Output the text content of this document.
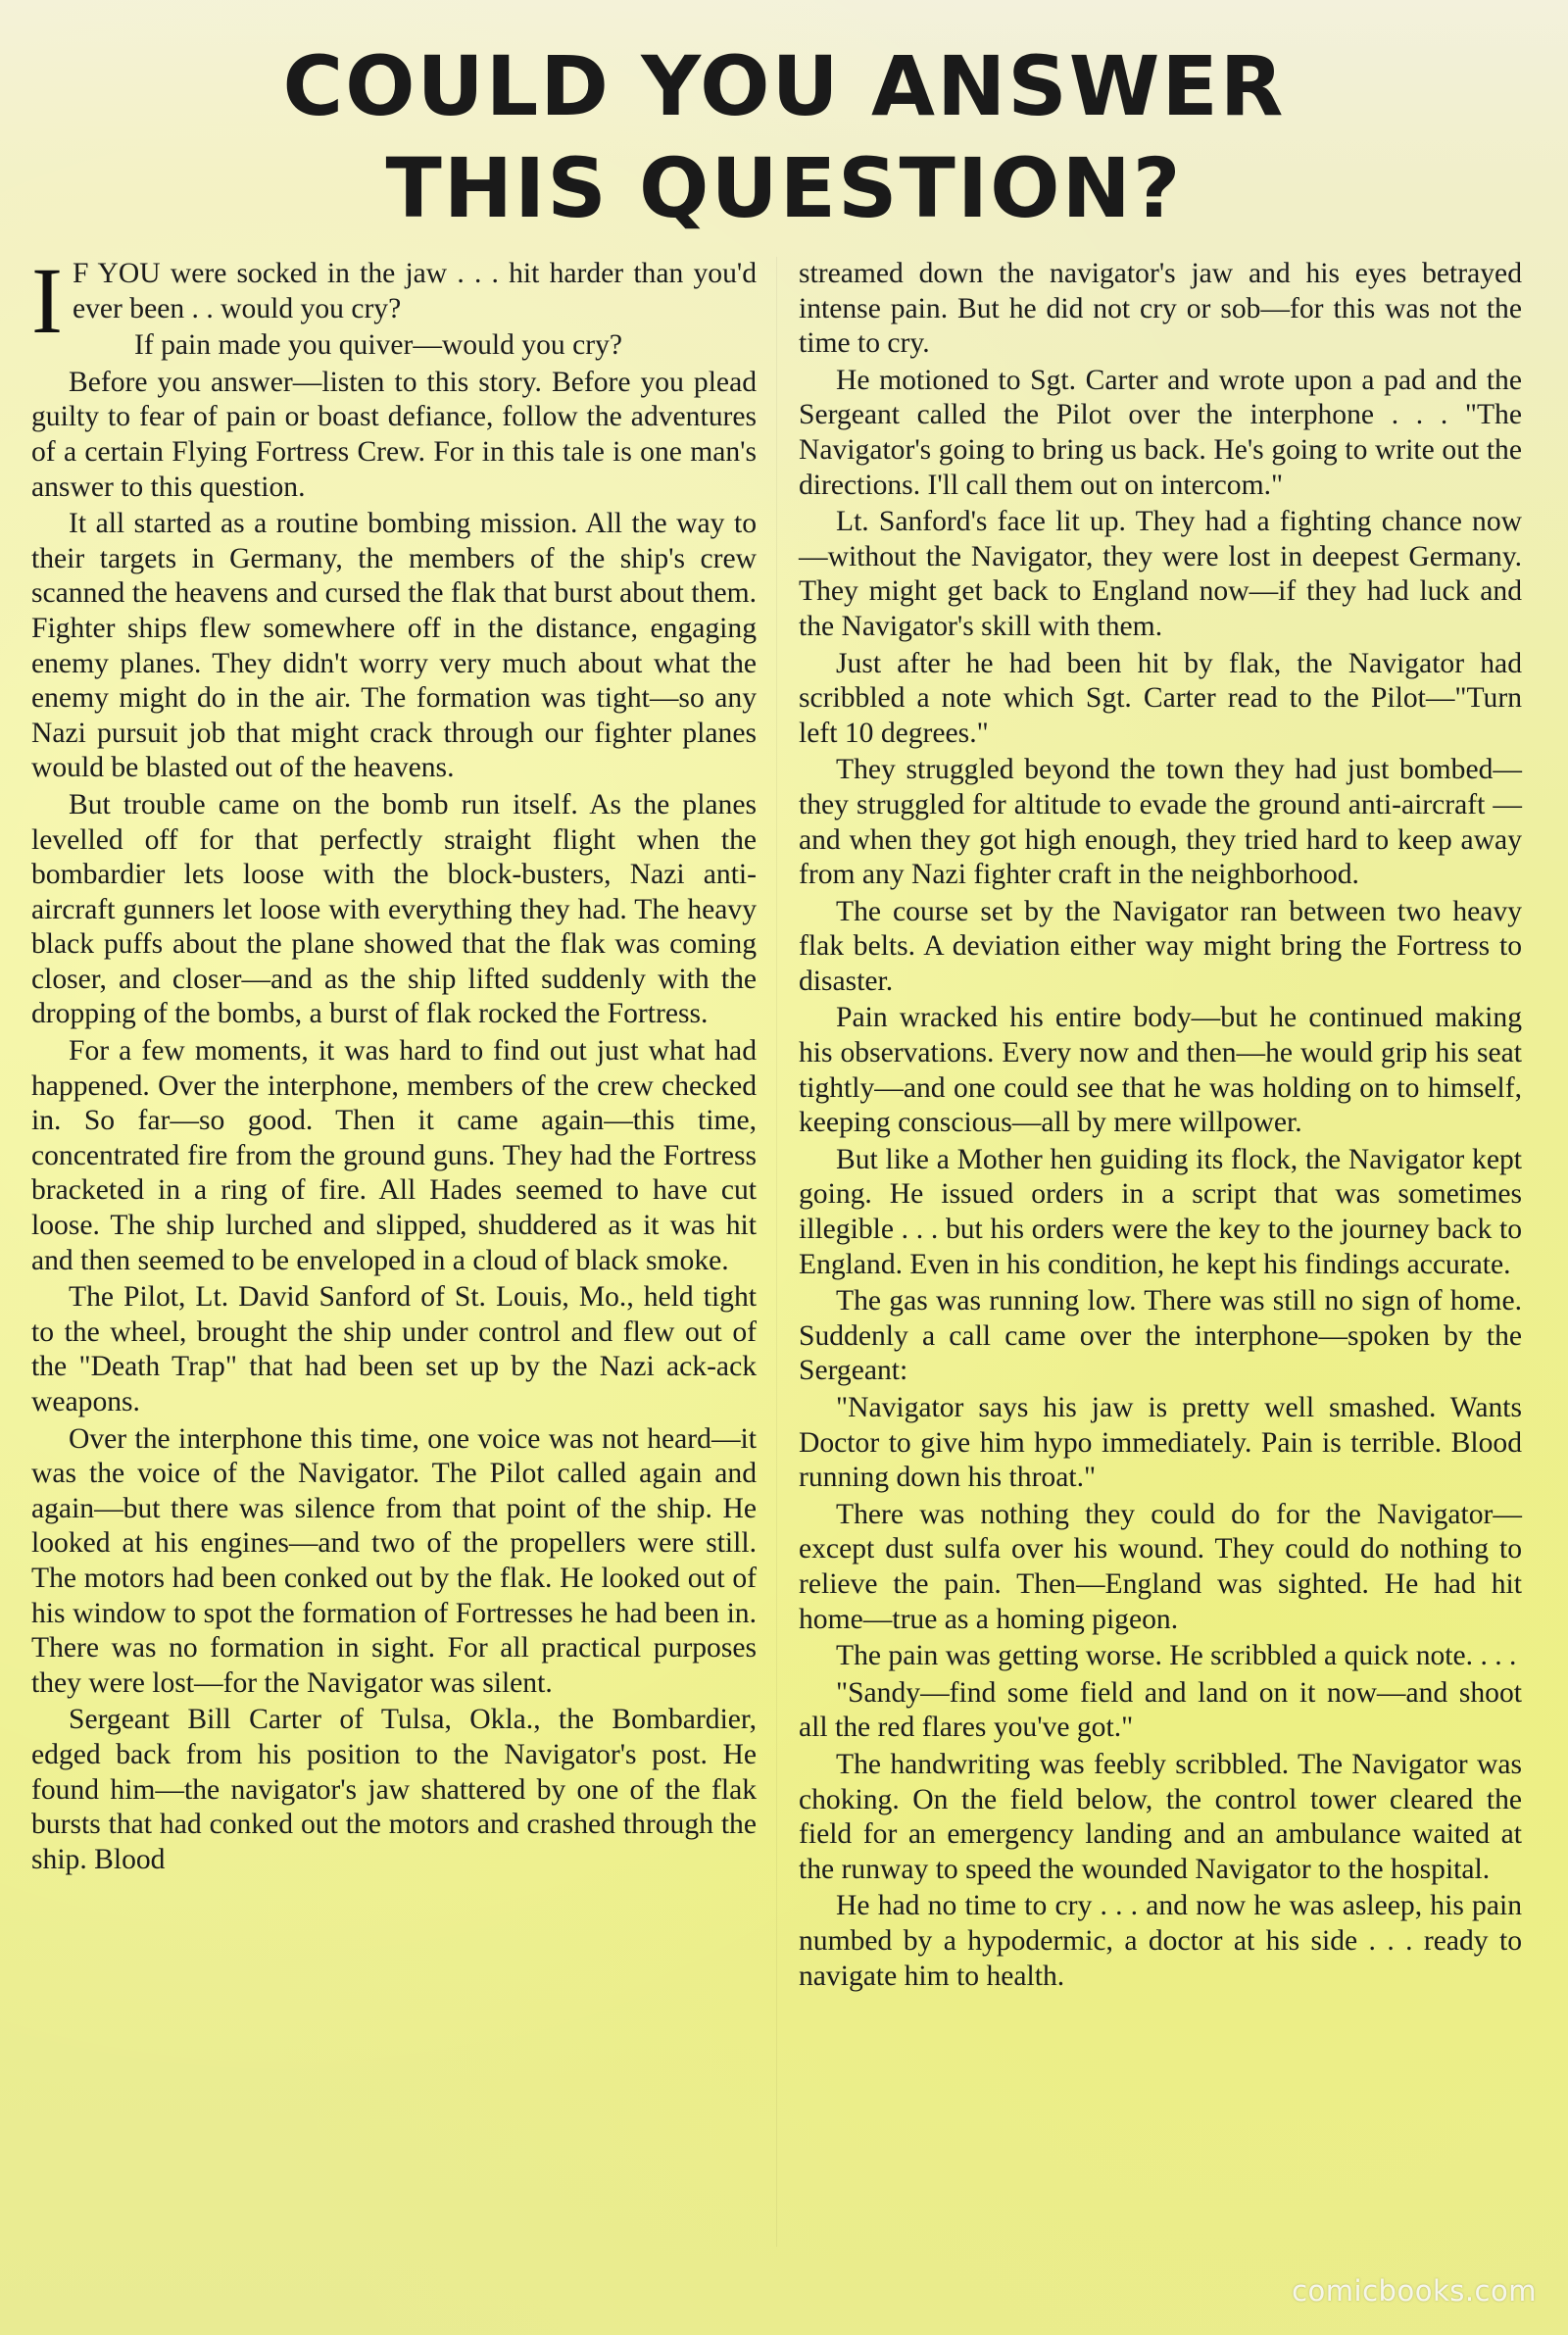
COULD YOU ANSWER
THIS QUESTION?

I F YOU were socked in the jaw . . . hit harder than you'd ever been . . would you cry?

If pain made you quiver—would you cry?

Before you answer—listen to this story. Before you plead guilty to fear of pain or boast defiance, follow the adventures of a certain Flying Fortress Crew. For in this tale is one man's answer to this question.

It all started as a routine bombing mission. All the way to their targets in Germany, the members of the ship's crew scanned the heavens and cursed the flak that burst about them. Fighter ships flew somewhere off in the distance, engaging enemy planes. They didn't worry very much about what the enemy might do in the air. The formation was tight—so any Nazi pursuit job that might crack through our fighter planes would be blasted out of the heavens.

But trouble came on the bomb run itself. As the planes levelled off for that perfectly straight flight when the bombardier lets loose with the block-busters, Nazi anti-aircraft gunners let loose with everything they had. The heavy black puffs about the plane showed that the flak was coming closer, and closer—and as the ship lifted suddenly with the dropping of the bombs, a burst of flak rocked the Fortress.

For a few moments, it was hard to find out just what had happened. Over the interphone, members of the crew checked in. So far—so good. Then it came again—this time, concentrated fire from the ground guns. They had the Fortress bracketed in a ring of fire. All Hades seemed to have cut loose. The ship lurched and slipped, shuddered as it was hit and then seemed to be enveloped in a cloud of black smoke.

The Pilot, Lt. David Sanford of St. Louis, Mo., held tight to the wheel, brought the ship under control and flew out of the "Death Trap" that had been set up by the Nazi ack-ack weapons.

Over the interphone this time, one voice was not heard—it was the voice of the Navigator. The Pilot called again and again—but there was silence from that point of the ship. He looked at his engines—and two of the propellers were still. The motors had been conked out by the flak. He looked out of his window to spot the formation of Fortresses he had been in. There was no formation in sight. For all practical purposes they were lost—for the Navigator was silent.

Sergeant Bill Carter of Tulsa, Okla., the Bombardier, edged back from his position to the Navigator's post. He found him—the navigator's jaw shattered by one of the flak bursts that had conked out the motors and crashed through the ship. Blood

streamed down the navigator's jaw and his eyes betrayed intense pain. But he did not cry or sob—for this was not the time to cry.

He motioned to Sgt. Carter and wrote upon a pad and the Sergeant called the Pilot over the interphone . . . "The Navigator's going to bring us back. He's going to write out the directions. I'll call them out on intercom."

Lt. Sanford's face lit up. They had a fighting chance now—without the Navigator, they were lost in deepest Germany. They might get back to England now—if they had luck and the Navigator's skill with them.

Just after he had been hit by flak, the Navigator had scribbled a note which Sgt. Carter read to the Pilot—"Turn left 10 degrees."

They struggled beyond the town they had just bombed—they struggled for altitude to evade the ground anti-aircraft — and when they got high enough, they tried hard to keep away from any Nazi fighter craft in the neighborhood.

The course set by the Navigator ran between two heavy flak belts. A deviation either way might bring the Fortress to disaster.

Pain wracked his entire body—but he continued making his observations. Every now and then—he would grip his seat tightly—and one could see that he was holding on to himself, keeping conscious—all by mere willpower.

But like a Mother hen guiding its flock, the Navigator kept going. He issued orders in a script that was sometimes illegible . . . but his orders were the key to the journey back to England. Even in his condition, he kept his findings accurate.

The gas was running low. There was still no sign of home. Suddenly a call came over the interphone—spoken by the Sergeant:

"Navigator says his jaw is pretty well smashed. Wants Doctor to give him hypo immediately. Pain is terrible. Blood running down his throat."

There was nothing they could do for the Navigator—except dust sulfa over his wound. They could do nothing to relieve the pain. Then—England was sighted. He had hit home—true as a homing pigeon.

The pain was getting worse. He scribbled a quick note. . . .

"Sandy—find some field and land on it now—and shoot all the red flares you've got."

The handwriting was feebly scribbled. The Navigator was choking. On the field below, the control tower cleared the field for an emergency landing and an ambulance waited at the runway to speed the wounded Navigator to the hospital.

He had no time to cry . . . and now he was asleep, his pain numbed by a hypodermic, a doctor at his side . . . ready to navigate him to health.

comicbooks.com
